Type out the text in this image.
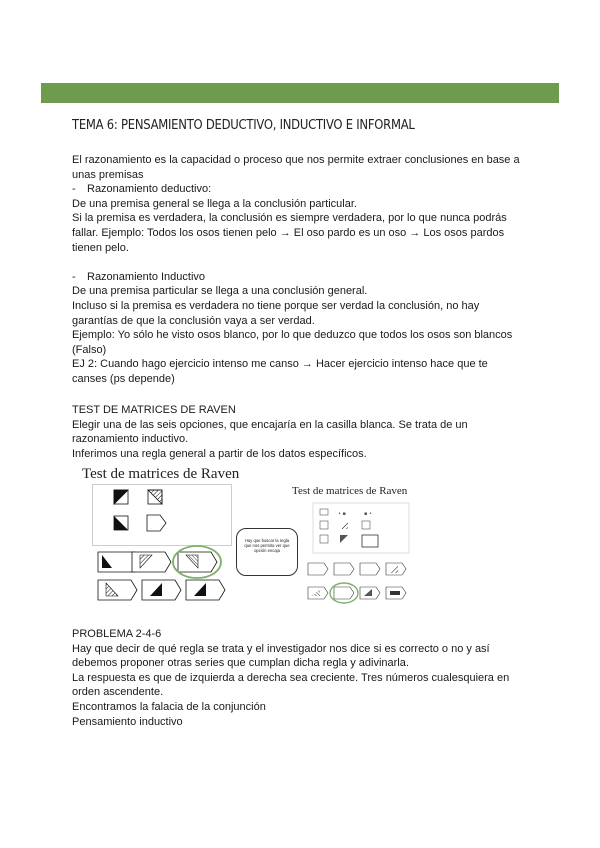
TEMA 6: PENSAMIENTO DEDUCTIVO, INDUCTIVO E INFORMAL

El razonamiento es la capacidad o proceso que nos permite extraer conclusiones en base a

unas premisas

- Razonamiento deductivo:

De una premisa general se llega a la conclusión particular.

Si la premisa es verdadera, la conclusión es siempre verdadera, por lo que nunca podrás

fallar. Ejemplo: Todos los osos tienen pelo → El oso pardo es un oso → Los osos pardos

tienen pelo.

- Razonamiento Inductivo

De una premisa particular se llega a una conclusión general.

Incluso si la premisa es verdadera no tiene porque ser verdad la conclusión, no hay

garantías de que la conclusión vaya a ser verdad.

Ejemplo: Yo sólo he visto osos blanco, por lo que deduzco que todos los osos son blancos

(Falso)

EJ 2: Cuando hago ejercicio intenso me canso → Hacer ejercicio intenso hace que te

canses (ps depende)

TEST DE MATRICES DE RAVEN

Elegir una de las seis opciones, que encajaría en la casilla blanca. Se trata de un

razonamiento inductivo.

Inferimos una regla general a partir de los datos específicos.

Test de matrices de Raven
Hay que buscar la regla que nos permita ver que opción encaja
Test de matrices de Raven
• ▪	▪ •

PROBLEMA 2-4-6

Hay que decir de qué regla se trata y el investigador nos dice si es correcto o no y así

debemos proponer otras series que cumplan dicha regla y adivinarla.

La respuesta es que de izquierda a derecha sea creciente. Tres números cualesquiera en

orden ascendente.

Encontramos la falacia de la conjunción

Pensamiento inductivo
